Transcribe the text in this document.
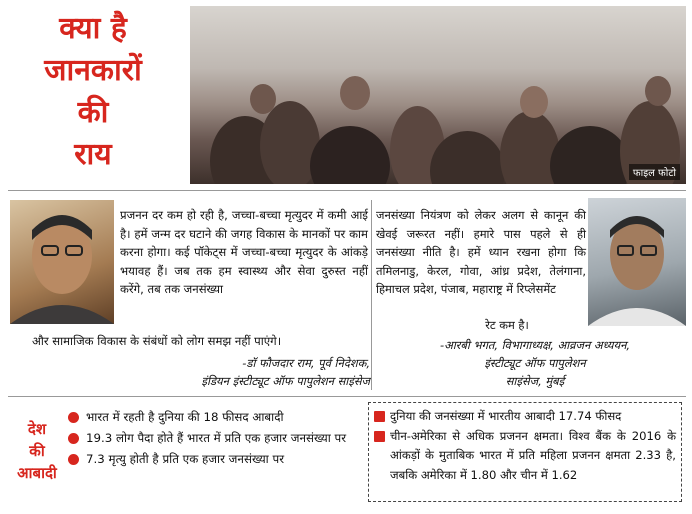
क्या है
जानकारों
की
राय
फाइल फोटो
प्रजनन दर कम हो रही है, जच्चा-बच्चा मृत्युदर में कमी आई है। हमें जन्म दर घटाने की जगह विकास के मानकों पर काम करना होगा। कई पॉकेट्स में जच्चा-बच्चा मृत्युदर के आंकड़े भयावह हैं। जब तक हम स्वास्थ्य और सेवा दुरुस्त नहीं करेंगे, तब तक जनसंख्या
और सामाजिक विकास के संबंधों को लोग समझ नहीं पाएंगे।
-डॉ फौजदार राम, पूर्व निदेशक,
इंडियन इंस्टीट्यूट ऑफ पापुलेशन साइंसेज
जनसंख्या नियंत्रण को लेकर अलग से कानून की खेवई जरूरत नहीं। हमारे पास पहले से ही जनसंख्या नीति है। हमें ध्यान रखना होगा कि तमिलनाडु, केरल, गोवा, आंध्र प्रदेश, तेलंगाना, हिमाचल प्रदेश, पंजाब, महाराष्ट्र में रिप्लेसमेंट
रेट कम है।
-आरबी भगत, विभागाध्यक्ष, आव्रजन अध्ययन,
इंस्टीट्यूट ऑफ पापुलेशन
साइंसेज, मुंबई
देश
की
आबादी
भारत में रहती है दुनिया की 18 फीसद आबादी
19.3 लोग पैदा होते हैं भारत में प्रति एक हजार जनसंख्या पर
7.3 मृत्यु होती है प्रति एक हजार जनसंख्या पर
दुनिया की जनसंख्या में भारतीय आबादी 17.74 फीसद
चीन-अमेरिका से अधिक प्रजनन क्षमता। विश्व बैंक के 2016 के आंकड़ों के मुताबिक भारत में प्रति महिला प्रजनन क्षमता 2.33 है, जबकि अमेरिका में 1.80 और चीन में 1.62
